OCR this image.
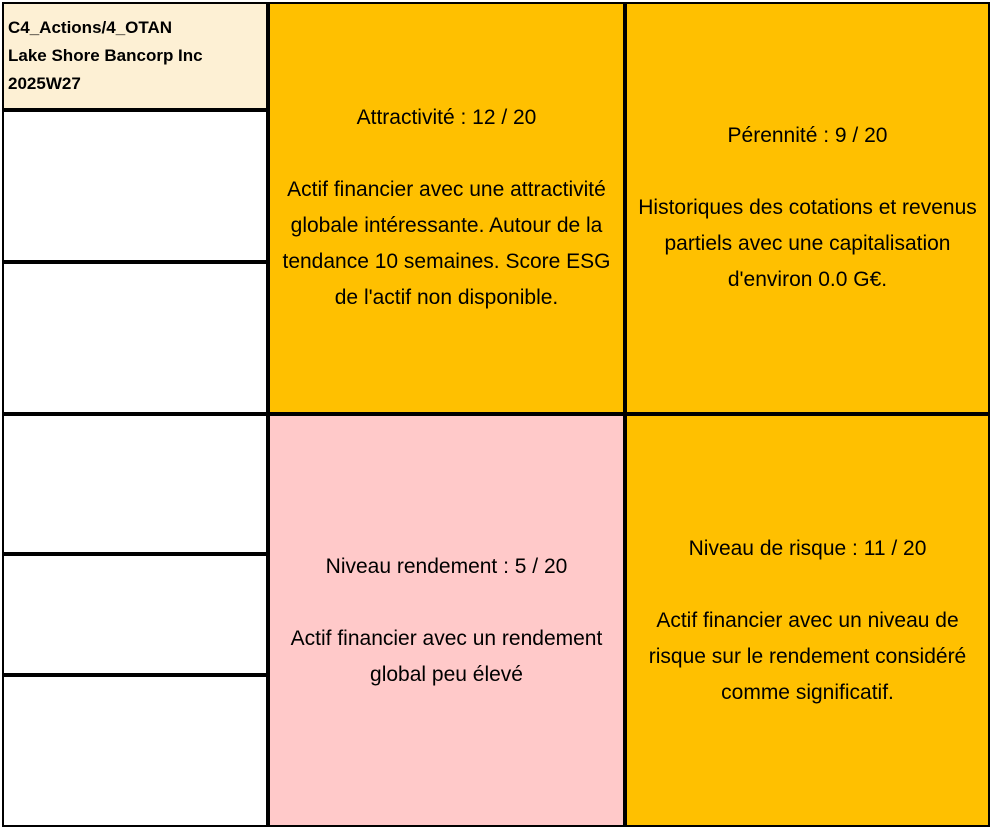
C4_Actions/4_OTAN
Lake Shore Bancorp Inc
2025W27
Attractivité : 12 / 20
Actif financier avec une attractivité globale intéressante. Autour de la tendance 10 semaines. Score ESG de l'actif non disponible.
Pérennité : 9 / 20
Historiques des cotations et revenus partiels avec une capitalisation d'environ 0.0 G€.
Niveau rendement : 5 / 20
Actif financier avec un rendement global peu élevé
Niveau de risque : 11 / 20
Actif financier avec un niveau de risque sur le rendement considéré comme significatif.
